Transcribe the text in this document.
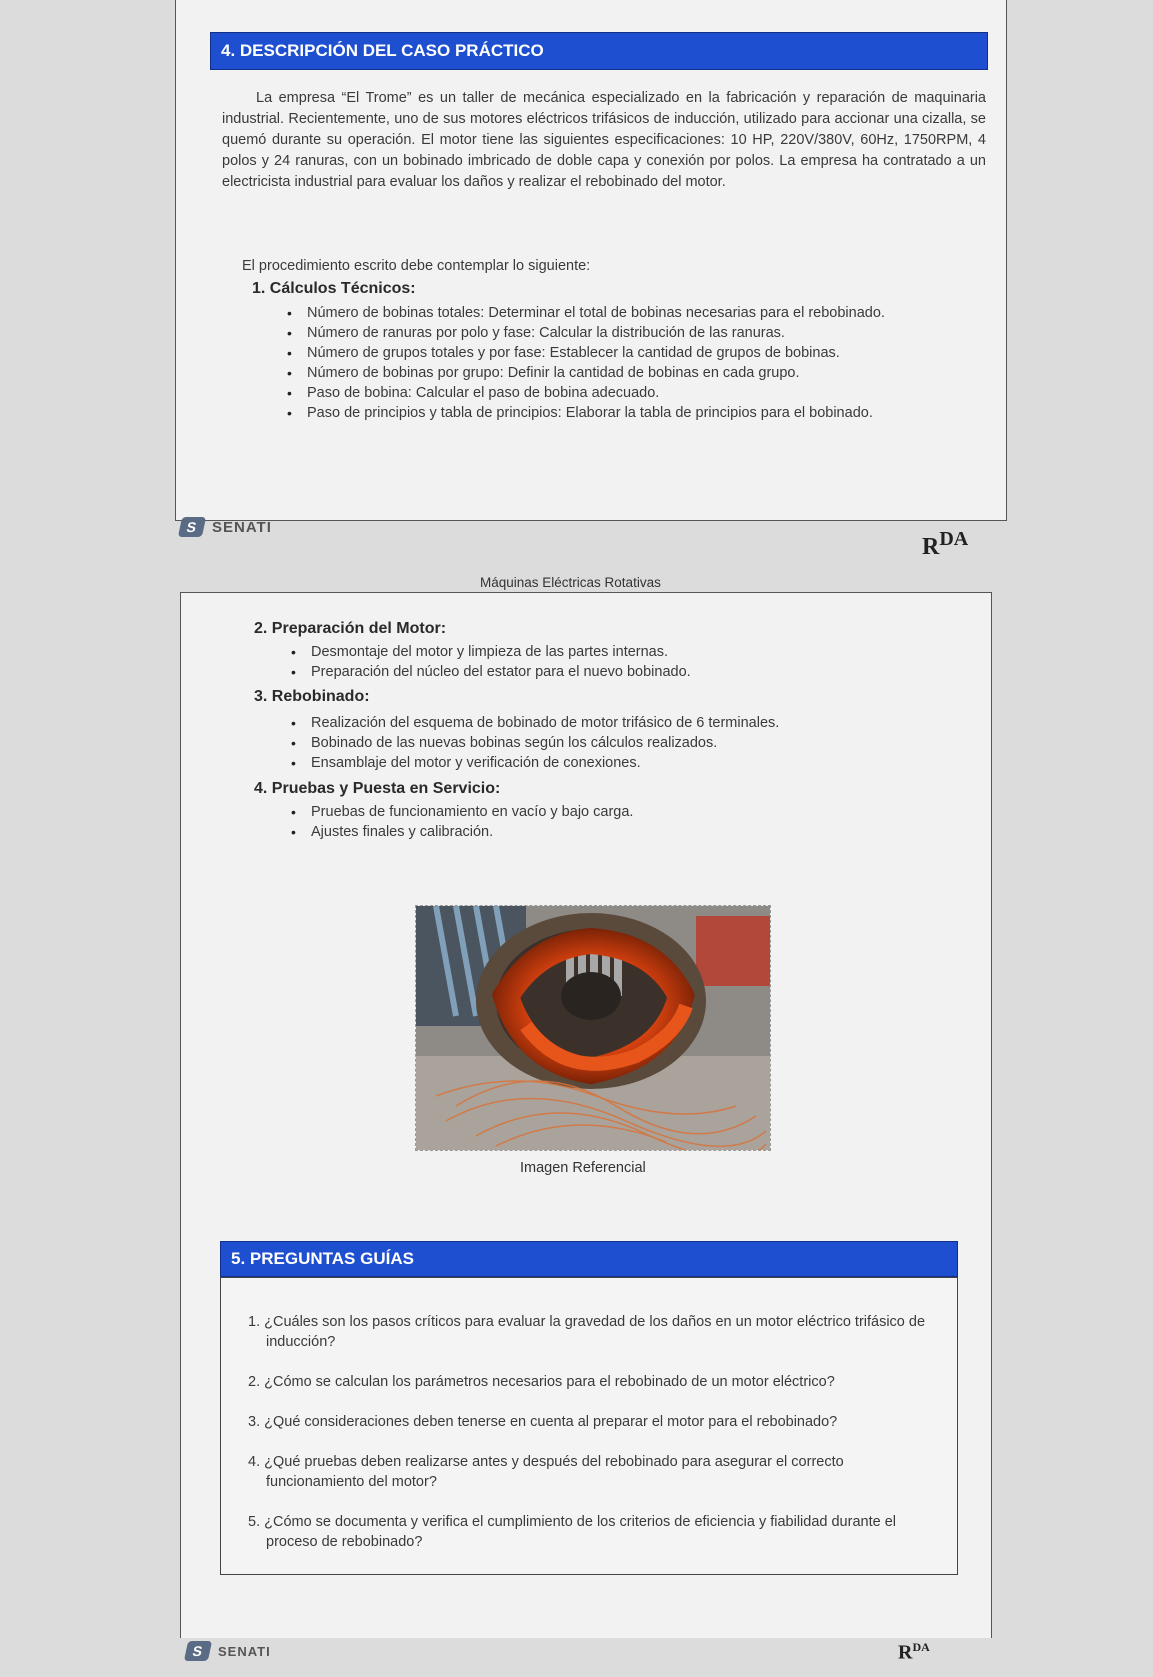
4. DESCRIPCIÓN DEL CASO PRÁCTICO
La empresa “El Trome” es un taller de mecánica especializado en la fabricación y reparación de maquinaria industrial. Recientemente, uno de sus motores eléctricos trifásicos de inducción, utilizado para accionar una cizalla, se quemó durante su operación. El motor tiene las siguientes especificaciones: 10 HP, 220V/380V, 60Hz, 1750RPM, 4 polos y 24 ranuras, con un bobinado imbricado de doble capa y conexión por polos. La empresa ha contratado a un electricista industrial para evaluar los daños y realizar el rebobinado del motor.
El procedimiento escrito debe contemplar lo siguiente:
1. Cálculos Técnicos:
• Número de bobinas totales: Determinar el total de bobinas necesarias para el rebobinado.
• Número de ranuras por polo y fase: Calcular la distribución de las ranuras.
• Número de grupos totales y por fase: Establecer la cantidad de grupos de bobinas.
• Número de bobinas por grupo: Definir la cantidad de bobinas en cada grupo.
• Paso de bobina: Calcular el paso de bobina adecuado.
• Paso de principios y tabla de principios: Elaborar la tabla de principios para el bobinado.
S SENATI
$R^{DA}$
Máquinas Eléctricas Rotativas
2. Preparación del Motor:
• Desmontaje del motor y limpieza de las partes internas.
• Preparación del núcleo del estator para el nuevo bobinado.
3. Rebobinado:
• Realización del esquema de bobinado de motor trifásico de 6 terminales.
• Bobinado de las nuevas bobinas según los cálculos realizados.
• Ensamblaje del motor y verificación de conexiones.
4. Pruebas y Puesta en Servicio:
• Pruebas de funcionamiento en vacío y bajo carga.
• Ajustes finales y calibración.
Imagen Referencial
5. PREGUNTAS GUÍAS
1. ¿Cuáles son los pasos críticos para evaluar la gravedad de los daños en un motor eléctrico trifásico de inducción?
2. ¿Cómo se calculan los parámetros necesarios para el rebobinado de un motor eléctrico?
3. ¿Qué consideraciones deben tenerse en cuenta al preparar el motor para el rebobinado?
4. ¿Qué pruebas deben realizarse antes y después del rebobinado para asegurar el correcto funcionamiento del motor?
5. ¿Cómo se documenta y verifica el cumplimiento de los criterios de eficiencia y fiabilidad durante el proceso de rebobinado?
S	SENATI	$R^{DA}$
